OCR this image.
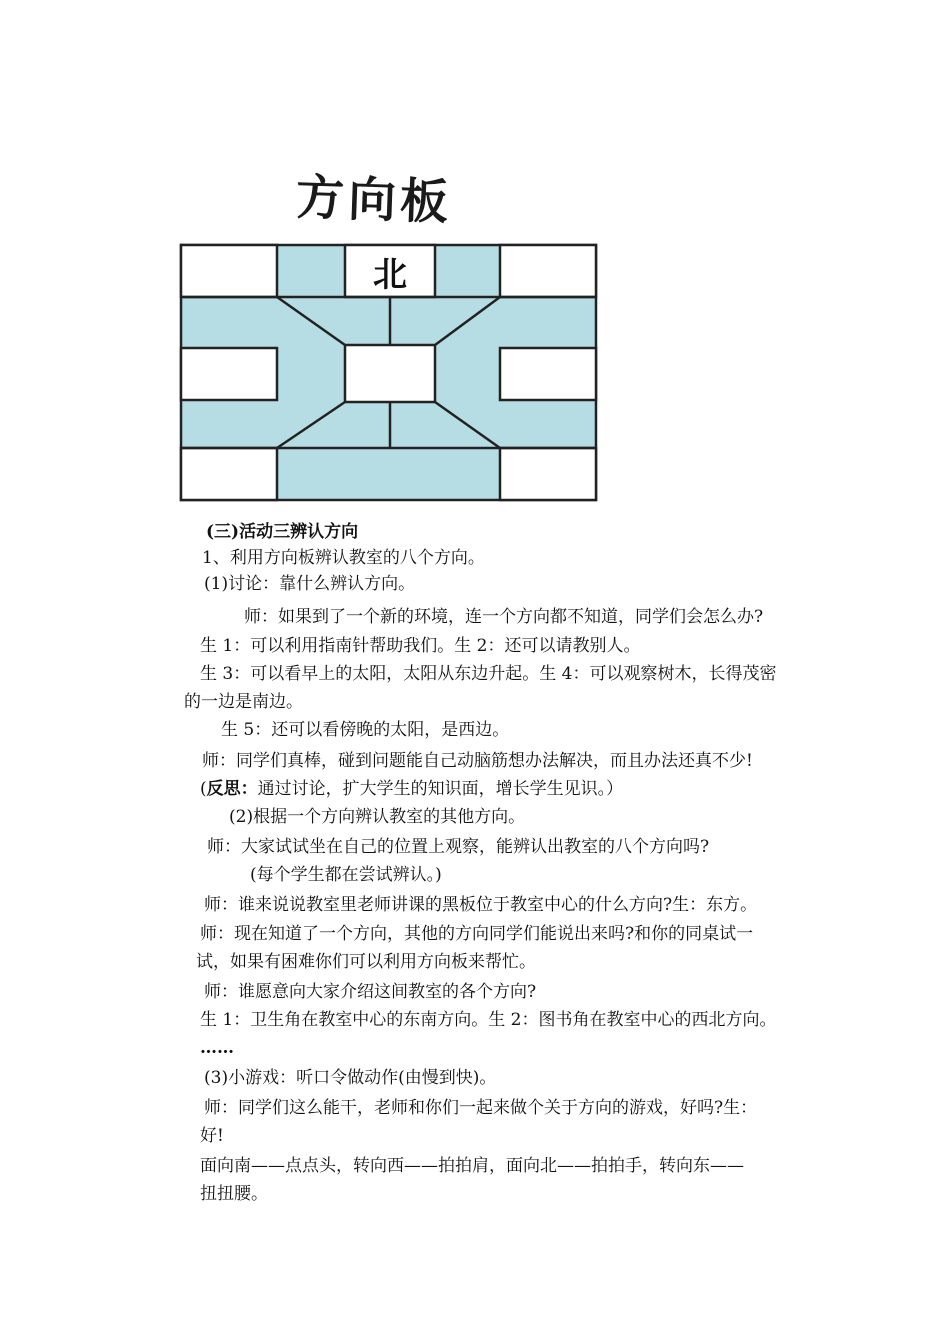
方向板
北
(三)活动三辨认方向
1、利用方向板辨认教室的八个方向。
(1)讨论：靠什么辨认方向。
师：如果到了一个新的环境，连一个方向都不知道，同学们会怎么办?
生 1：可以利用指南针帮助我们。生 2：还可以请教别人。
生 3：可以看早上的太阳，太阳从东边升起。生 4：可以观察树木，长得茂密
的一边是南边。
生 5：还可以看傍晚的太阳，是西边。
师：同学们真棒，碰到问题能自己动脑筋想办法解决，而且办法还真不少!
(反思：通过讨论，扩大学生的知识面，增长学生见识。）
(2)根据一个方向辨认教室的其他方向。
师：大家试试坐在自己的位置上观察，能辨认出教室的八个方向吗?
(每个学生都在尝试辨认。)
师：谁来说说教室里老师讲课的黑板位于教室中心的什么方向?生：东方。
师：现在知道了一个方向，其他的方向同学们能说出来吗?和你的同桌试一
试，如果有困难你们可以利用方向板来帮忙。
师：谁愿意向大家介绍这间教室的各个方向?
生 1：卫生角在教室中心的东南方向。生 2：图书角在教室中心的西北方向。
……
(3)小游戏：听口令做动作(由慢到快)。
师：同学们这么能干，老师和你们一起来做个关于方向的游戏，好吗?生：
好!
面向南——点点头，转向西——拍拍肩，面向北——拍拍手，转向东——
扭扭腰。
